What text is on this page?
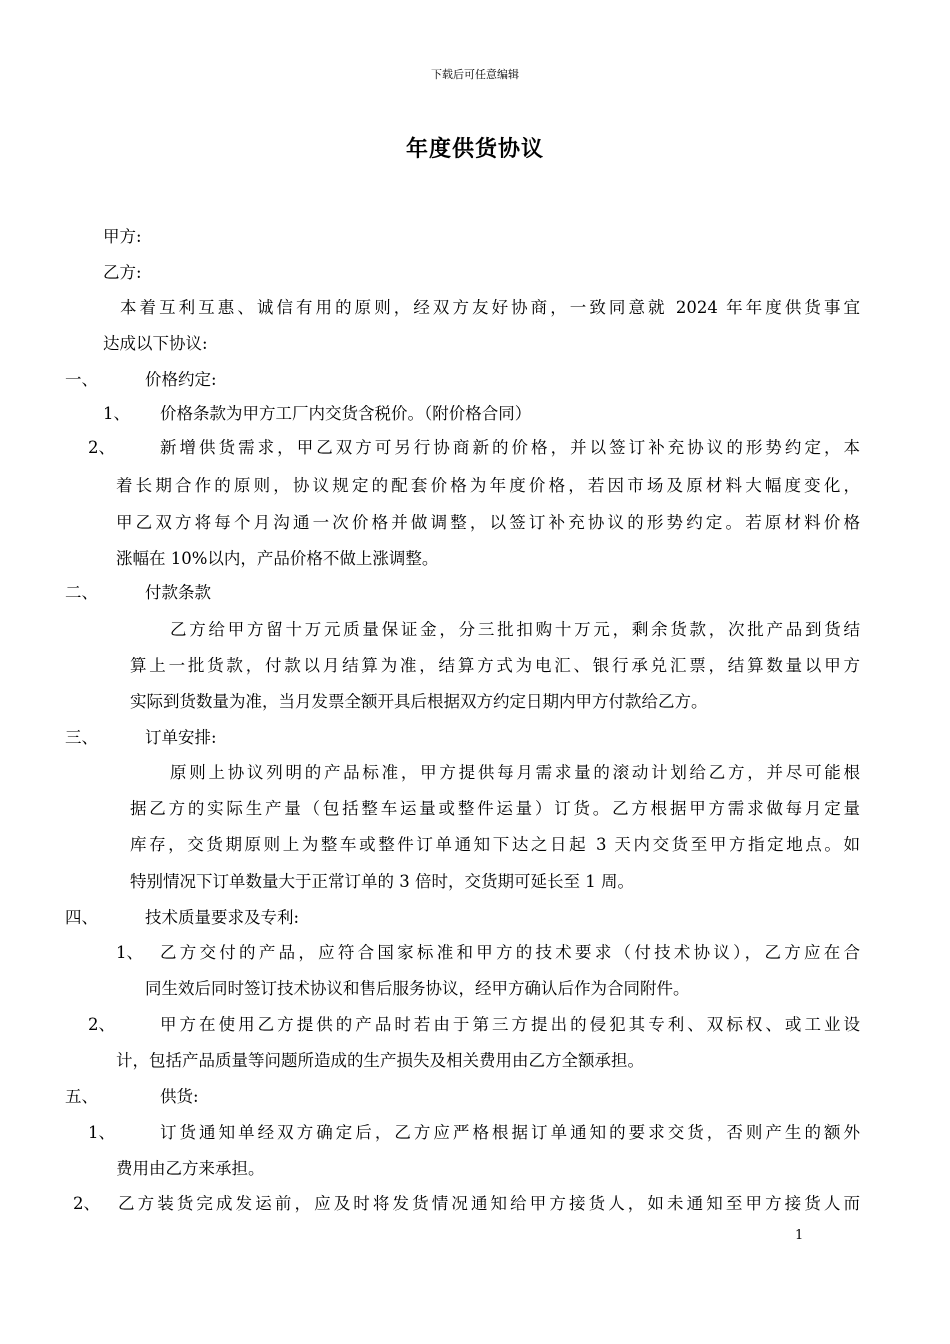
下载后可任意编辑
年度供货协议
甲方:
乙方:
本着互利互惠、诚信有用的原则，经双方友好协商，一致同意就 2024 年年度供货事宜
达成以下协议:
一、	价格约定:
1、 价格条款为甲方工厂内交货含税价。（附价格合同）
2、	新增供货需求，甲乙双方可另行协商新的价格，并以签订补充协议的形势约定，本
着长期合作的原则，协议规定的配套价格为年度价格，若因市场及原材料大幅度变化，
甲乙双方将每个月沟通一次价格并做调整，以签订补充协议的形势约定。若原材料价格
涨幅在 10%以内，产品价格不做上涨调整。
二、	付款条款
乙方给甲方留十万元质量保证金，分三批扣购十万元，剩余货款，次批产品到货结
算上一批货款，付款以月结算为准，结算方式为电汇、银行承兑汇票，结算数量以甲方
实际到货数量为准，当月发票全额开具后根据双方约定日期内甲方付款给乙方。
三、	订单安排:
原则上协议列明的产品标准，甲方提供每月需求量的滚动计划给乙方，并尽可能根
据乙方的实际生产量（包括整车运量或整件运量）订货。乙方根据甲方需求做每月定量
库存，交货期原则上为整车或整件订单通知下达之日起 3 天内交货至甲方指定地点。如
特别情况下订单数量大于正常订单的 3 倍时，交货期可延长至 1 周。
四、	技术质量要求及专利:
1、 乙方交付的产品，应符合国家标准和甲方的技术要求（付技术协议），乙方应在合
同生效后同时签订技术协议和售后服务协议，经甲方确认后作为合同附件。
2、	甲方在使用乙方提供的产品时若由于第三方提出的侵犯其专利、双标权、或工业设
计，包括产品质量等问题所造成的生产损失及相关费用由乙方全额承担。
五、	供货:
1、	订货通知单经双方确定后，乙方应严格根据订单通知的要求交货，否则产生的额外
费用由乙方来承担。
2、 乙方装货完成发运前，应及时将发货情况通知给甲方接货人，如未通知至甲方接货人而
1
